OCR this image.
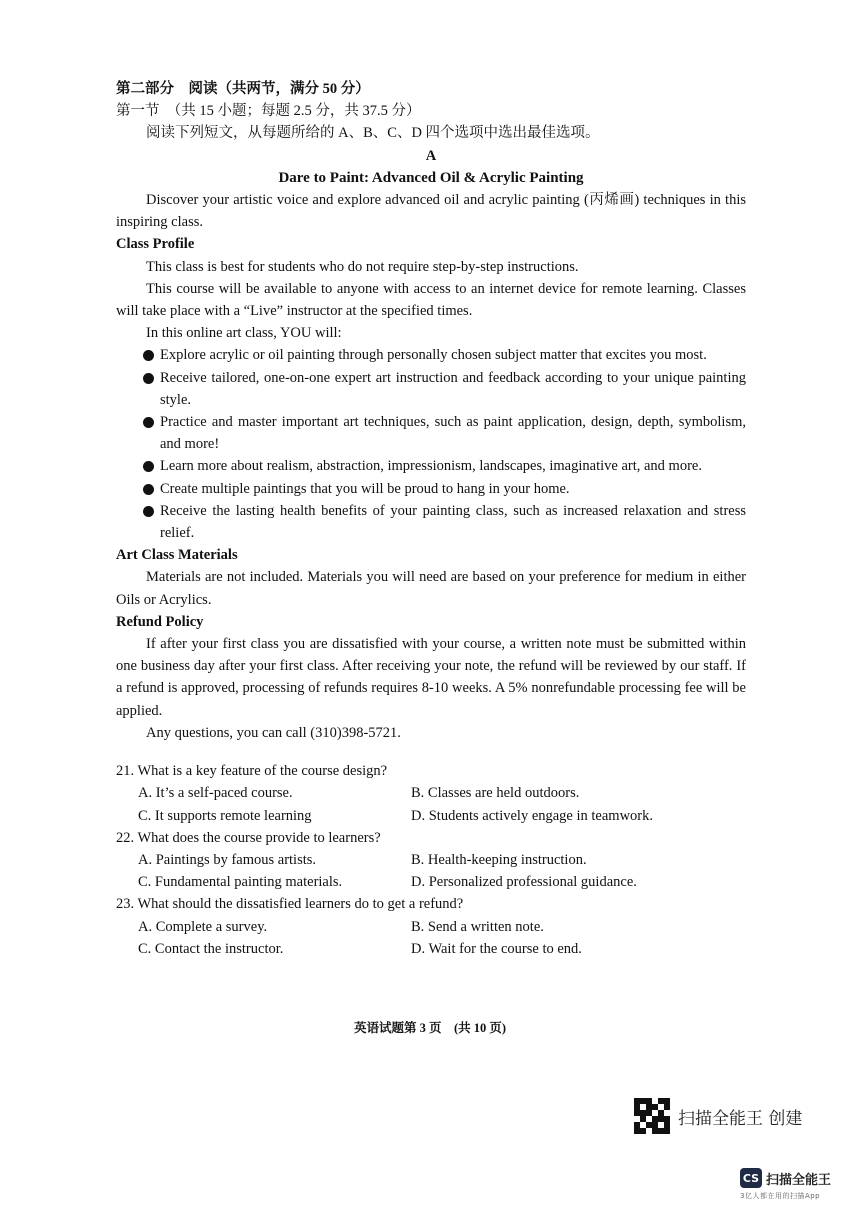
第二部分　阅读（共两节，满分 50 分）

第一节　（共 15 小题；每题 2.5 分，共 37.5 分）

阅读下列短文，从每题所给的 A、B、C、D 四个选项中选出最佳选项。

A

Dare to Paint: Advanced Oil & Acrylic Painting

Discover your artistic voice and explore advanced oil and acrylic painting (丙烯画) techniques in this inspiring class.

Class Profile

This class is best for students who do not require step-by-step instructions.

This course will be available to anyone with access to an internet device for remote learning. Classes will take place with a “Live” instructor at the specified times.

In this online art class, YOU will:

Explore acrylic or oil painting through personally chosen subject matter that excites you most.
Receive tailored, one-on-one expert art instruction and feedback according to your unique painting style.
Practice and master important art techniques, such as paint application, design, depth, symbolism, and more!
Learn more about realism, abstraction, impressionism, landscapes, imaginative art, and more.
Create multiple paintings that you will be proud to hang in your home.
Receive the lasting health benefits of your painting class, such as increased relaxation and stress relief.

Art Class Materials

Materials are not included. Materials you will need are based on your preference for medium in either Oils or Acrylics.

Refund Policy

If after your first class you are dissatisfied with your course, a written note must be submitted within one business day after your first class. After receiving your note, the refund will be reviewed by our staff. If a refund is approved, processing of refunds requires 8-10 weeks. A 5% nonrefundable processing fee will be applied.

Any questions, you can call (310)398-5721.

21. What is a key feature of the course design?

A. It’s a self-paced course.	B. Classes are held outdoors.
C. It supports remote learning	D. Students actively engage in teamwork.

22. What does the course provide to learners?

A. Paintings by famous artists.	B. Health-keeping instruction.
C. Fundamental painting materials.	D. Personalized professional guidance.

23. What should the dissatisfied learners do to get a refund?

A. Complete a survey.	B. Send a written note.
C. Contact the instructor.	D. Wait for the course to end.
英语试题第 3 页　(共 10 页)
扫描全能王 创建
CS 扫描全能王
3亿人都在用的扫描App
